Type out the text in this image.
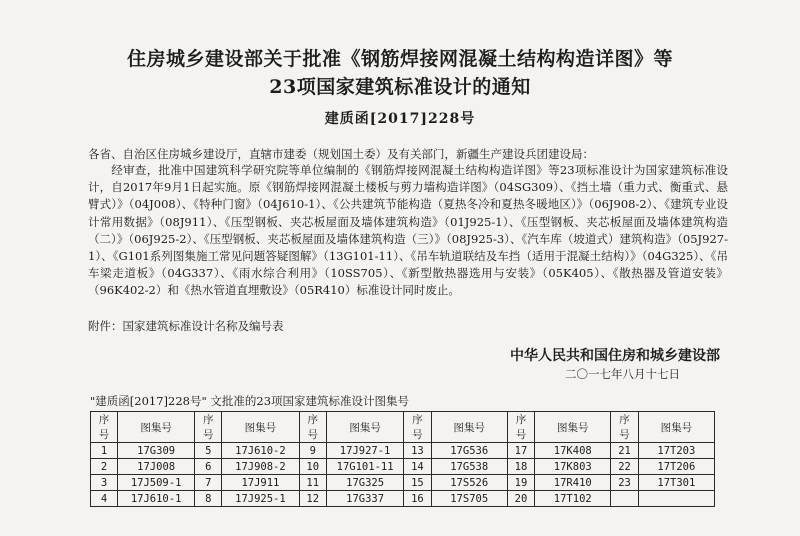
住房城乡建设部关于批准《钢筋焊接网混凝土结构构造详图》等
23项国家建筑标准设计的通知
建质函[2017]228号
各省、自治区住房城乡建设厅，直辖市建委（规划国土委）及有关部门，新疆生产建设兵团建设局：
经审查，批准中国建筑科学研究院等单位编制的《钢筋焊接网混凝土结构构造详图》等23项标准设计为国家建筑标准设计，自2017年9月1日起实施。原《钢筋焊接网混凝土楼板与剪力墙构造详图》（04SG309）、《挡土墙（重力式、衡重式、悬臂式）》（04J008）、《特种门窗》（04J610-1）、《公共建筑节能构造（夏热冬冷和夏热冬暖地区）》（06J908-2）、《建筑专业设计常用数据》（08J911）、《压型钢板、夹芯板屋面及墙体建筑构造》（01J925-1）、《压型钢板、夹芯板屋面及墙体建筑构造（二）》（06J925-2）、《压型钢板、夹芯板屋面及墙体建筑构造（三）》（08J925-3）、《汽车库（坡道式）建筑构造》（05J927-1）、《G101系列图集施工常见问题答疑图解》（13G101-11）、《吊车轨道联结及车挡（适用于混凝土结构）》（04G325）、《吊车梁走道板》（04G337）、《雨水综合利用》（10SS705）、《新型散热器选用与安装》（05K405）、《散热器及管道安装》（96K402-2）和《热水管道直埋敷设》（05R410）标准设计同时废止。
附件：国家建筑标准设计名称及编号表
中华人民共和国住房和城乡建设部
二〇一七年八月十七日
"建质函[2017]228号" 文批准的23项国家建筑标准设计图集号
序号	图集号	序号	图集号	序号	图集号	序号	图集号	序号	图集号	序号	图集号
1	17G309	5	17J610-2	9	17J927-1	13	17G536	17	17K408	21	17T203
2	17J008	6	17J908-2	10	17G101-11	14	17G538	18	17K803	22	17T206
3	17J509-1	7	17J911	11	17G325	15	17S526	19	17R410	23	17T301
4	17J610-1	8	17J925-1	12	17G337	16	17S705	20	17T102		
